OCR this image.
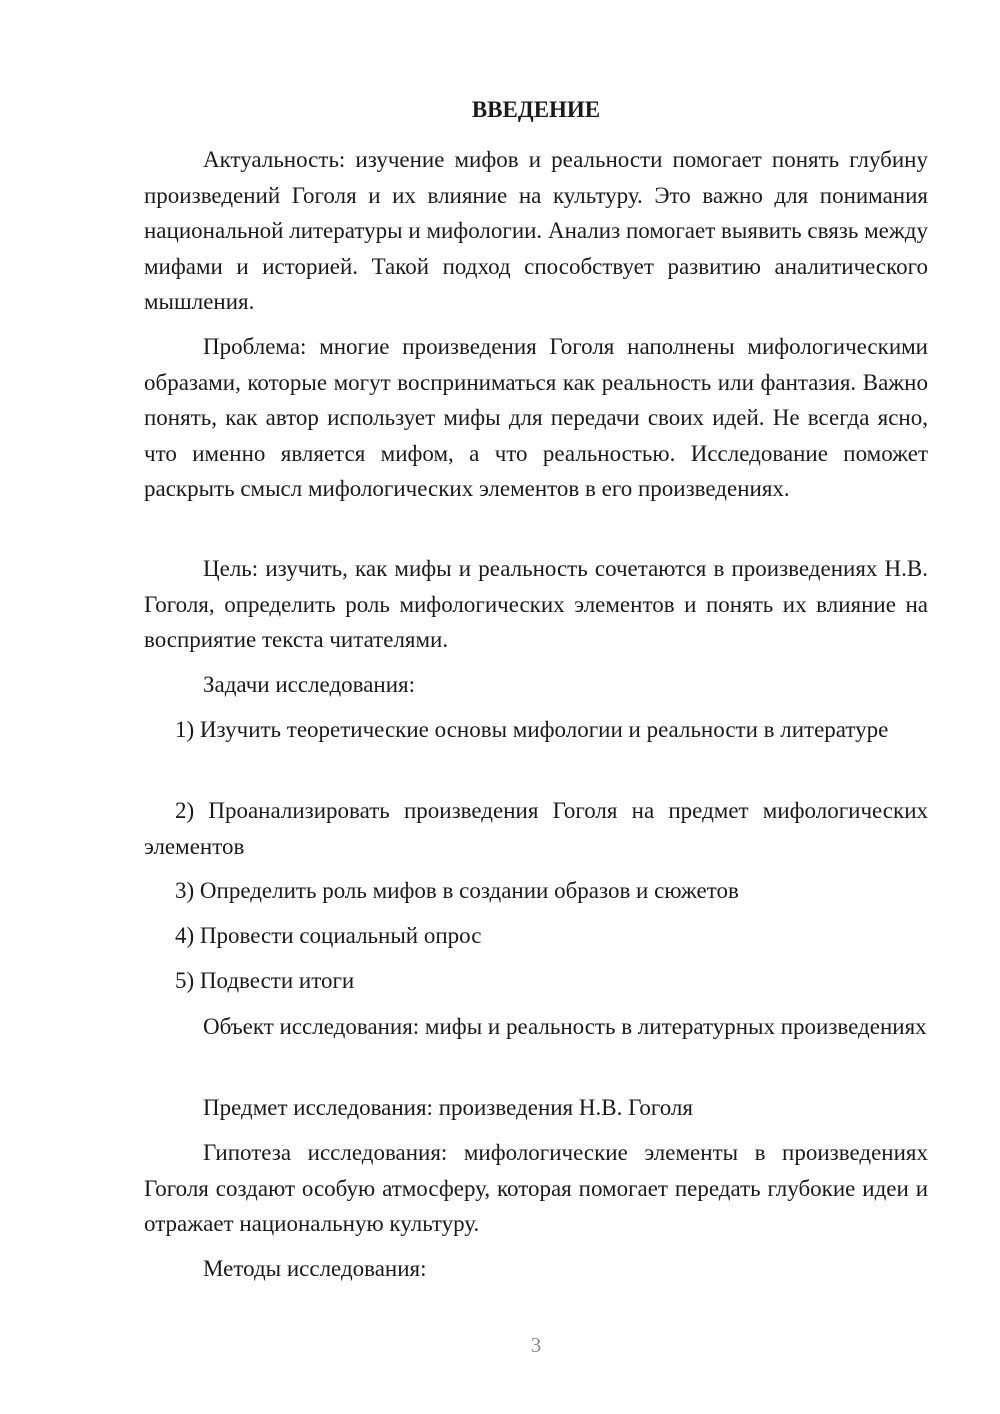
ВВЕДЕНИЕ

Актуальность: изучение мифов и реальности помогает понять глубину произведений Гоголя и их влияние на культуру. Это важно для понимания национальной литературы и мифологии. Анализ помогает выявить связь между мифами и историей. Такой подход способствует развитию аналитического мышления.

Проблема: многие произведения Гоголя наполнены мифологическими образами, которые могут восприниматься как реальность или фантазия. Важно понять, как автор использует мифы для передачи своих идей. Не всегда ясно, что именно является мифом, а что реальностью. Исследование поможет раскрыть смысл мифологических элементов в его произведениях.

Цель: изучить, как мифы и реальность сочетаются в произведениях Н.В. Гоголя, определить роль мифологических элементов и понять их влияние на восприятие текста читателями.

Задачи исследования:

1) Изучить теоретические основы мифологии и реальности в литературе

2) Проанализировать произведения Гоголя на предмет мифологических элементов

3) Определить роль мифов в создании образов и сюжетов

4) Провести социальный опрос

5) Подвести итоги

Объект исследования: мифы и реальность в литературных произведениях

Предмет исследования: произведения Н.В. Гоголя

Гипотеза исследования: мифологические элементы в произведениях Гоголя создают особую атмосферу, которая помогает передать глубокие идеи и отражает национальную культуру.

Методы исследования:

3
